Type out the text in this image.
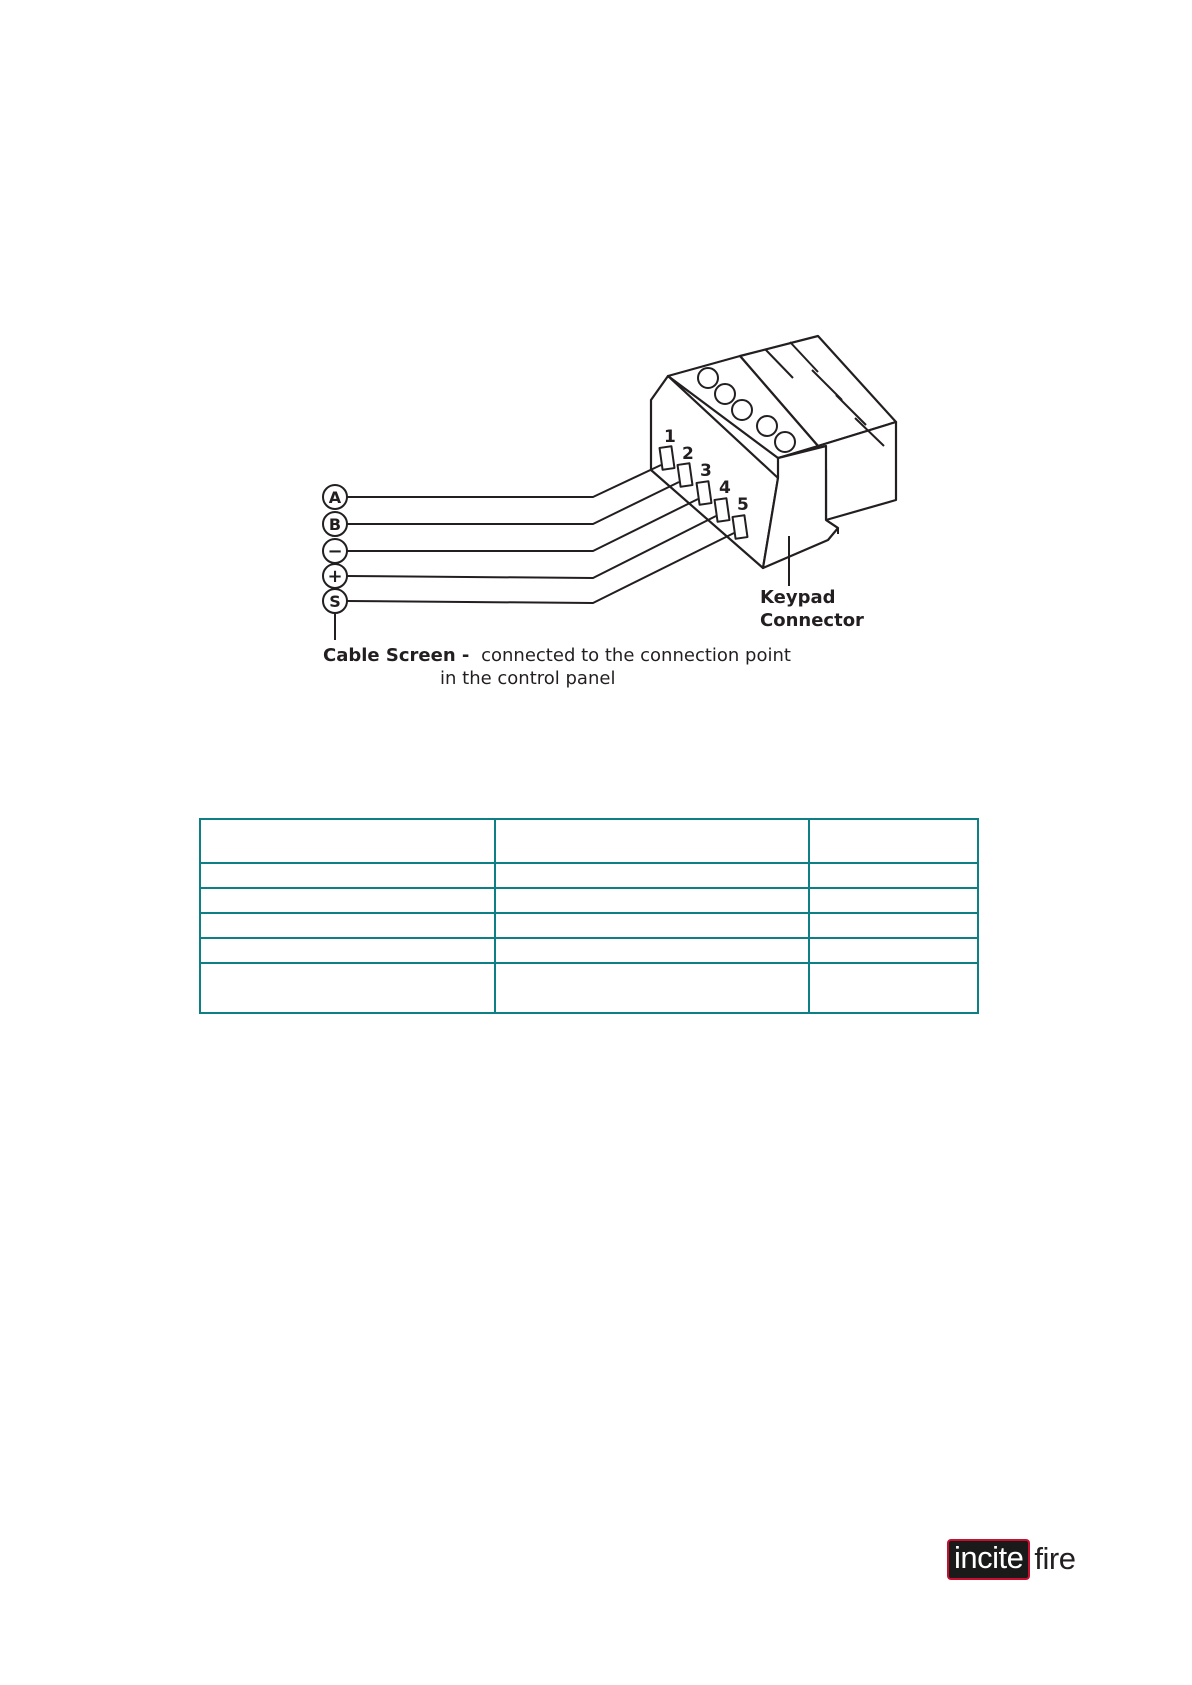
1
2
3
4
5
A
B
−
+
S	Keypad
Connector
Cable Screen - connected to the connection point
in the control panel

incite fire
